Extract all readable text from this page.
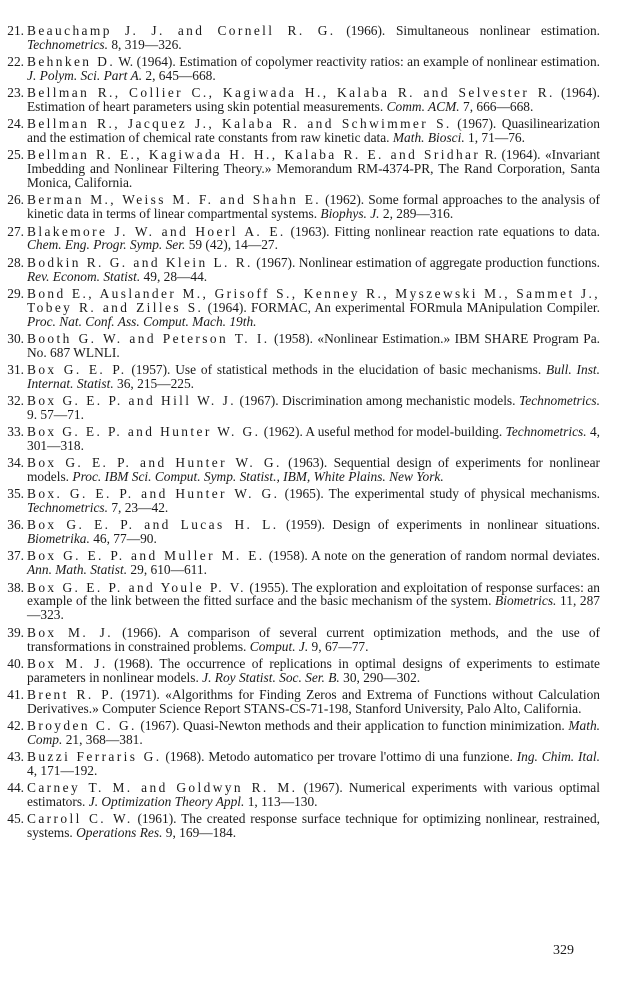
21. Beauchamp J. J. and Cornell R. G. (1966). Simultaneous nonlinear estimation. Technometrics. 8, 319—326.
22. Behnken D. W. (1964). Estimation of copolymer reactivity ratios: an example of nonlinear estimation. J. Polym. Sci. Part A. 2, 645—668.
23. Bellman R., Collier C., Kagiwada H., Kalaba R. and Selvester R. (1964). Estimation of heart parameters using skin potential measurements. Comm. ACM. 7, 666—668.
24. Bellman R., Jacquez J., Kalaba R. and Schwimmer S. (1967). Quasilinearization and the estimation of chemical rate constants from raw kinetic data. Math. Biosci. 1, 71—76.
25. Bellman R. E., Kagiwada H. H., Kalaba R. E. and Sridhar R. (1964). «Invariant Imbedding and Nonlinear Filtering Theory.» Memorandum RM-4374-PR, The Rand Corporation, Santa Monica, California.
26. Berman M., Weiss M. F. and Shahn E. (1962). Some formal approaches to the analysis of kinetic data in terms of linear compartmental systems. Biophys. J. 2, 289—316.
27. Blakemore J. W. and Hoerl A. E. (1963). Fitting nonlinear reaction rate equations to data. Chem. Eng. Progr. Symp. Ser. 59 (42), 14—27.
28. Bodkin R. G. and Klein L. R. (1967). Nonlinear estimation of aggregate production functions. Rev. Econom. Statist. 49, 28—44.
29. Bond E., Auslander M., Grisoff S., Kenney R., Myszewski M., Sammet J., Tobey R. and Zilles S. (1964). FORMAC, An experimental FORmula MAnipulation Compiler. Proc. Nat. Conf. Ass. Comput. Mach. 19th.
30. Booth G. W. and Peterson T. I. (1958). «Nonlinear Estimation.» IBM SHARE Program Pa. No. 687 WLNLI.
31. Box G. E. P. (1957). Use of statistical methods in the elucidation of basic mechanisms. Bull. Inst. Internat. Statist. 36, 215—225.
32. Box G. E. P. and Hill W. J. (1967). Discrimination among mechanistic models. Technometrics. 9. 57—71.
33. Box G. E. P. and Hunter W. G. (1962). A useful method for model-building. Technometrics. 4, 301—318.
34. Box G. E. P. and Hunter W. G. (1963). Sequential design of experiments for nonlinear models. Proc. IBM Sci. Comput. Symp. Statist., IBM, White Plains. New York.
35. Box. G. E. P. and Hunter W. G. (1965). The experimental study of physical mechanisms. Technometrics. 7, 23—42.
36. Box G. E. P. and Lucas H. L. (1959). Design of experiments in nonlinear situations. Biometrika. 46, 77—90.
37. Box G. E. P. and Muller M. E. (1958). A note on the generation of random normal deviates. Ann. Math. Statist. 29, 610—611.
38. Box G. E. P. and Youle P. V. (1955). The exploration and exploitation of response surfaces: an example of the link between the fitted surface and the basic mechanism of the system. Biometrics. 11, 287—323.
39. Box M. J. (1966). A comparison of several current optimization methods, and the use of transformations in constrained problems. Comput. J. 9, 67—77.
40. Box M. J. (1968). The occurrence of replications in optimal designs of experiments to estimate parameters in nonlinear models. J. Roy Statist. Soc. Ser. B. 30, 290—302.
41. Brent R. P. (1971). «Algorithms for Finding Zeros and Extrema of Functions without Calculation Derivatives.» Computer Science Report STANS-CS-71-198, Stanford University, Palo Alto, California.
42. Broyden C. G. (1967). Quasi-Newton methods and their application to function minimization. Math. Comp. 21, 368—381.
43. Buzzi Ferraris G. (1968). Metodo automatico per trovare l'ottimo di una funzione. Ing. Chim. Ital. 4, 171—192.
44. Carney T. M. and Goldwyn R. M. (1967). Numerical experiments with various optimal estimators. J. Optimization Theory Appl. 1, 113—130.
45. Carroll C. W. (1961). The created response surface technique for optimizing nonlinear, restrained, systems. Operations Res. 9, 169—184.
329
